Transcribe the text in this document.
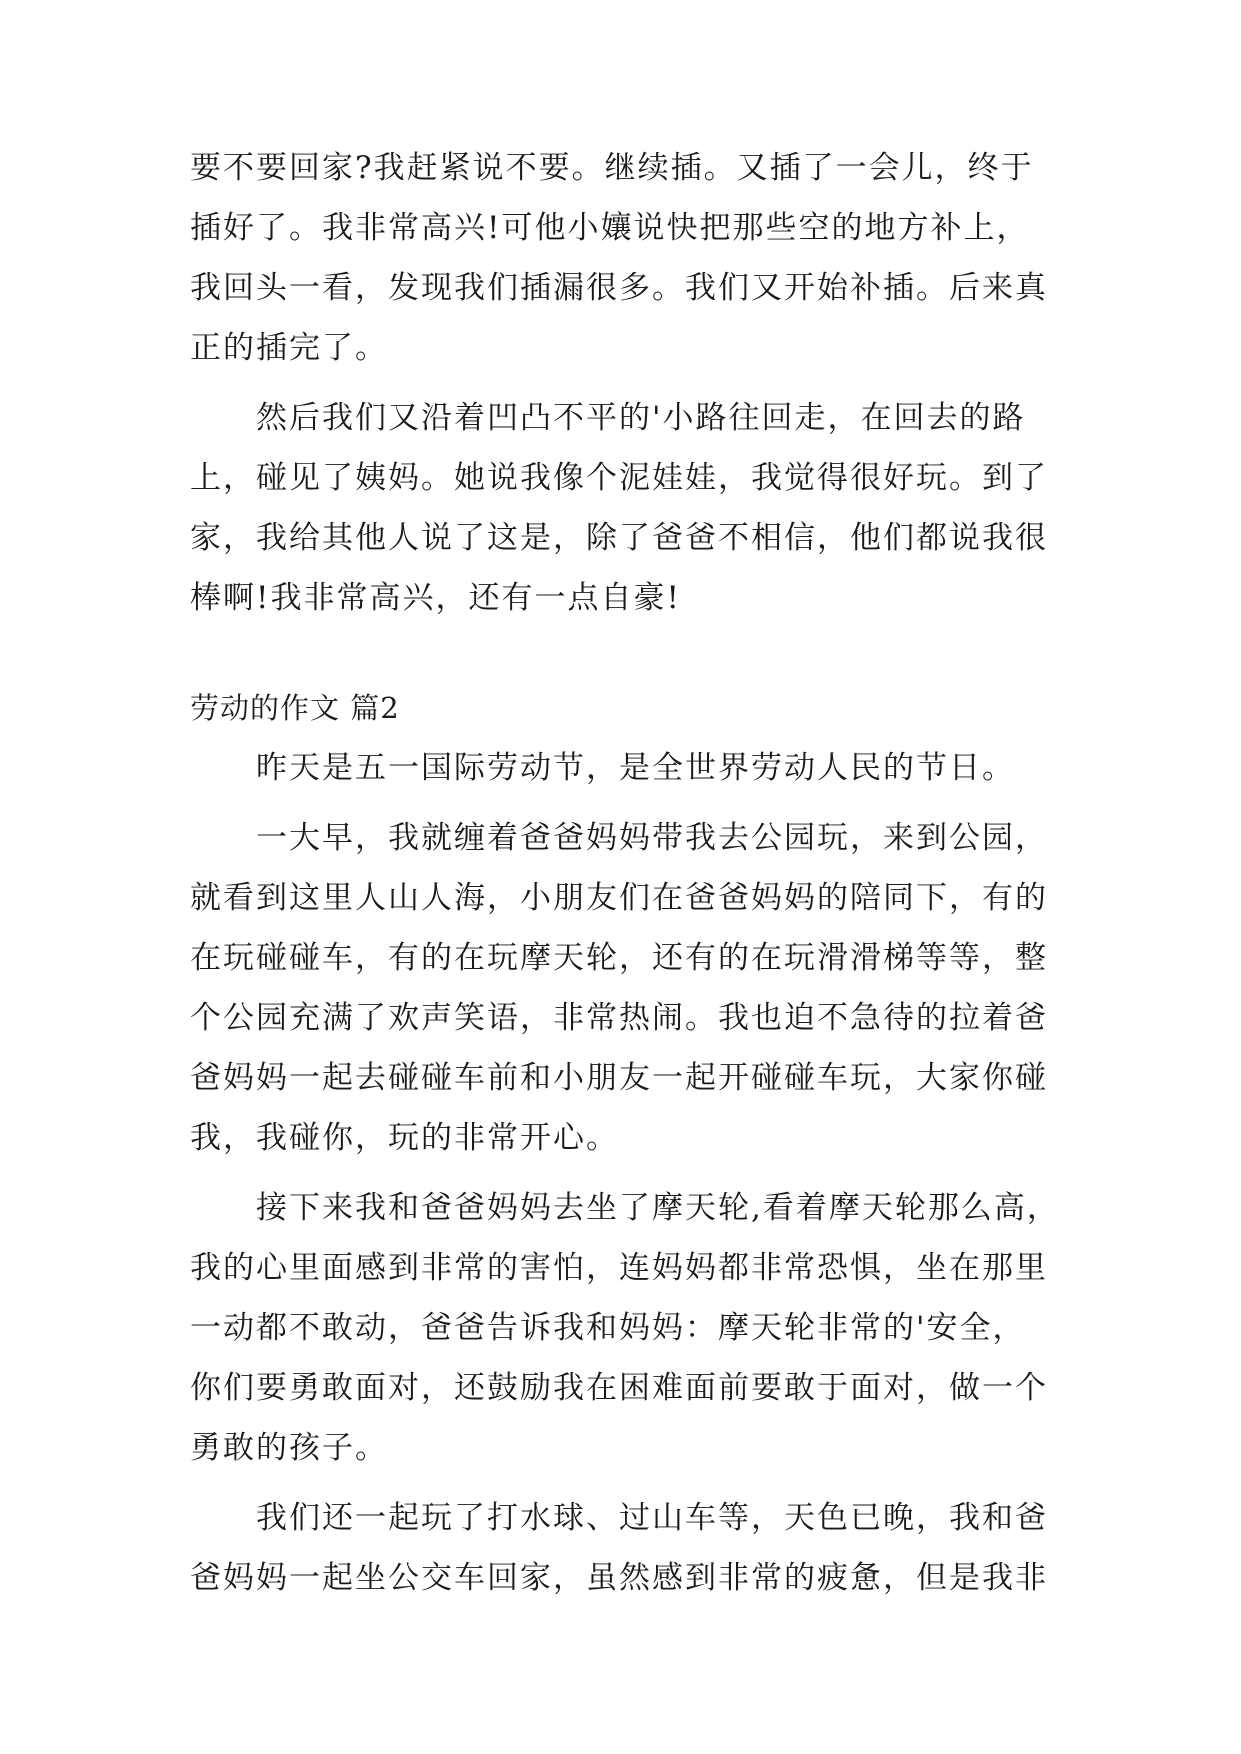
要不要回家?我赶紧说不要。继续插。又插了一会儿，终于
插好了。我非常高兴!可他小孃说快把那些空的地方补上，
我回头一看，发现我们插漏很多。我们又开始补插。后来真
正的插完了。
然后我们又沿着凹凸不平的'小路往回走，在回去的路
上，碰见了姨妈。她说我像个泥娃娃，我觉得很好玩。到了
家，我给其他人说了这是，除了爸爸不相信，他们都说我很
棒啊!我非常高兴，还有一点自豪!
劳动的作文 篇2
昨天是五一国际劳动节，是全世界劳动人民的节日。
一大早，我就缠着爸爸妈妈带我去公园玩，来到公园，
就看到这里人山人海，小朋友们在爸爸妈妈的陪同下，有的
在玩碰碰车，有的在玩摩天轮，还有的在玩滑滑梯等等，整
个公园充满了欢声笑语，非常热闹。我也迫不急待的拉着爸
爸妈妈一起去碰碰车前和小朋友一起开碰碰车玩，大家你碰
我，我碰你，玩的非常开心。
接下来我和爸爸妈妈去坐了摩天轮,看着摩天轮那么高，
我的心里面感到非常的害怕，连妈妈都非常恐惧，坐在那里
一动都不敢动，爸爸告诉我和妈妈：摩天轮非常的'安全，
你们要勇敢面对，还鼓励我在困难面前要敢于面对，做一个
勇敢的孩子。
我们还一起玩了打水球、过山车等，天色已晚，我和爸
爸妈妈一起坐公交车回家，虽然感到非常的疲惫，但是我非
